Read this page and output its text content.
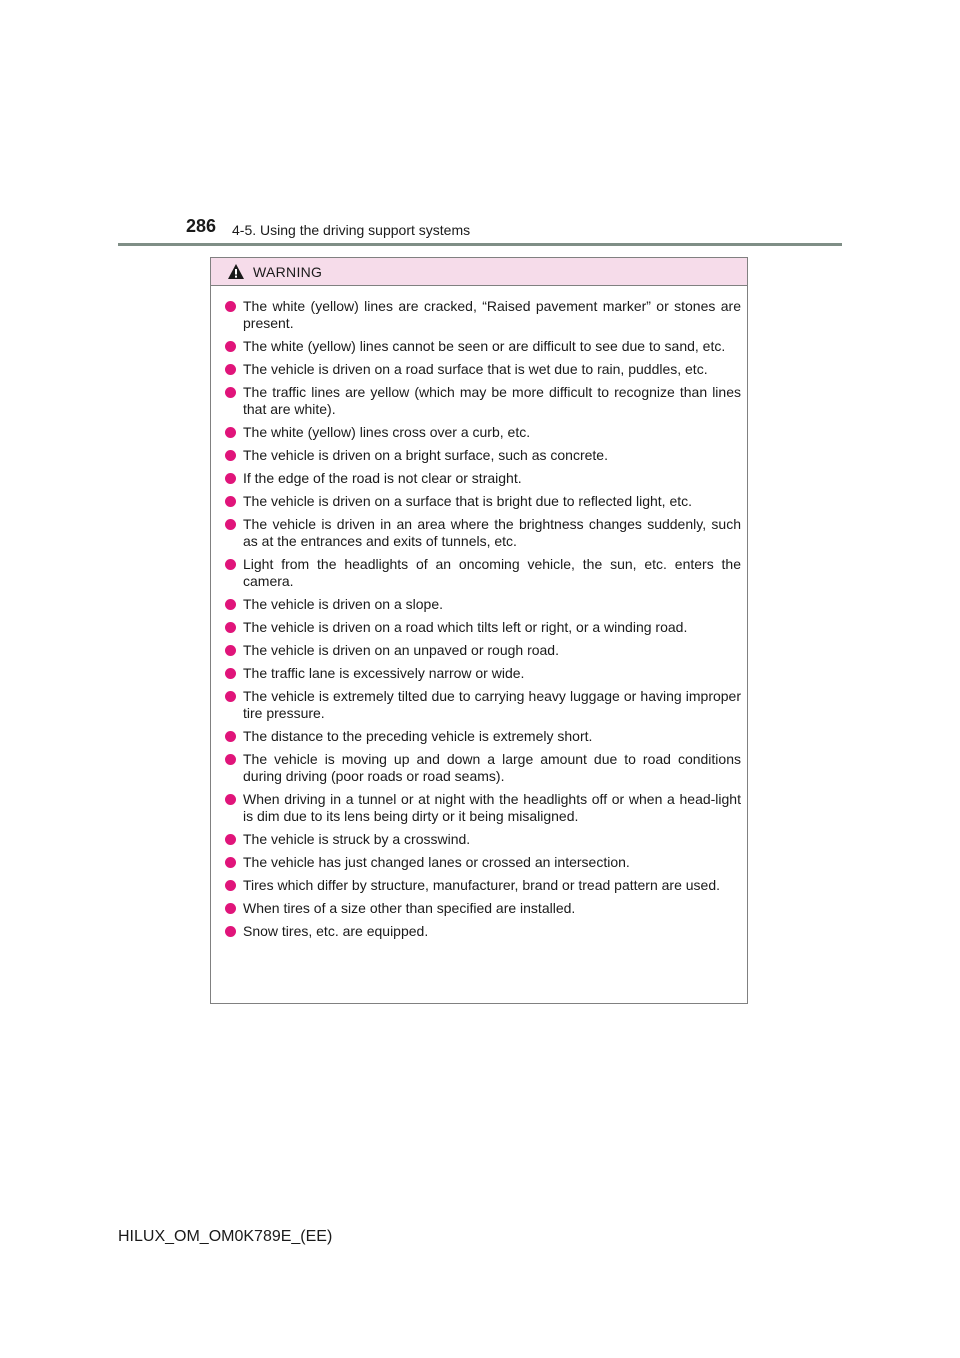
286 4-5. Using the driving support systems
WARNING
The white (yellow) lines are cracked, “Raised pavement marker” or stones are present.
The white (yellow) lines cannot be seen or are difficult to see due to sand, etc.
The vehicle is driven on a road surface that is wet due to rain, puddles, etc.
The traffic lines are yellow (which may be more difficult to recognize than lines that are white).
The white (yellow) lines cross over a curb, etc.
The vehicle is driven on a bright surface, such as concrete.
If the edge of the road is not clear or straight.
The vehicle is driven on a surface that is bright due to reflected light, etc.
The vehicle is driven in an area where the brightness changes suddenly, such as at the entrances and exits of tunnels, etc.
Light from the headlights of an oncoming vehicle, the sun, etc. enters the camera.
The vehicle is driven on a slope.
The vehicle is driven on a road which tilts left or right, or a winding road.
The vehicle is driven on an unpaved or rough road.
The traffic lane is excessively narrow or wide.
The vehicle is extremely tilted due to carrying heavy luggage or having improper tire pressure.
The distance to the preceding vehicle is extremely short.
The vehicle is moving up and down a large amount due to road conditions during driving (poor roads or road seams).
When driving in a tunnel or at night with the headlights off or when a head-light is dim due to its lens being dirty or it being misaligned.
The vehicle is struck by a crosswind.
The vehicle has just changed lanes or crossed an intersection.
Tires which differ by structure, manufacturer, brand or tread pattern are used.
When tires of a size other than specified are installed.
Snow tires, etc. are equipped.
HILUX_OM_OM0K789E_(EE)
